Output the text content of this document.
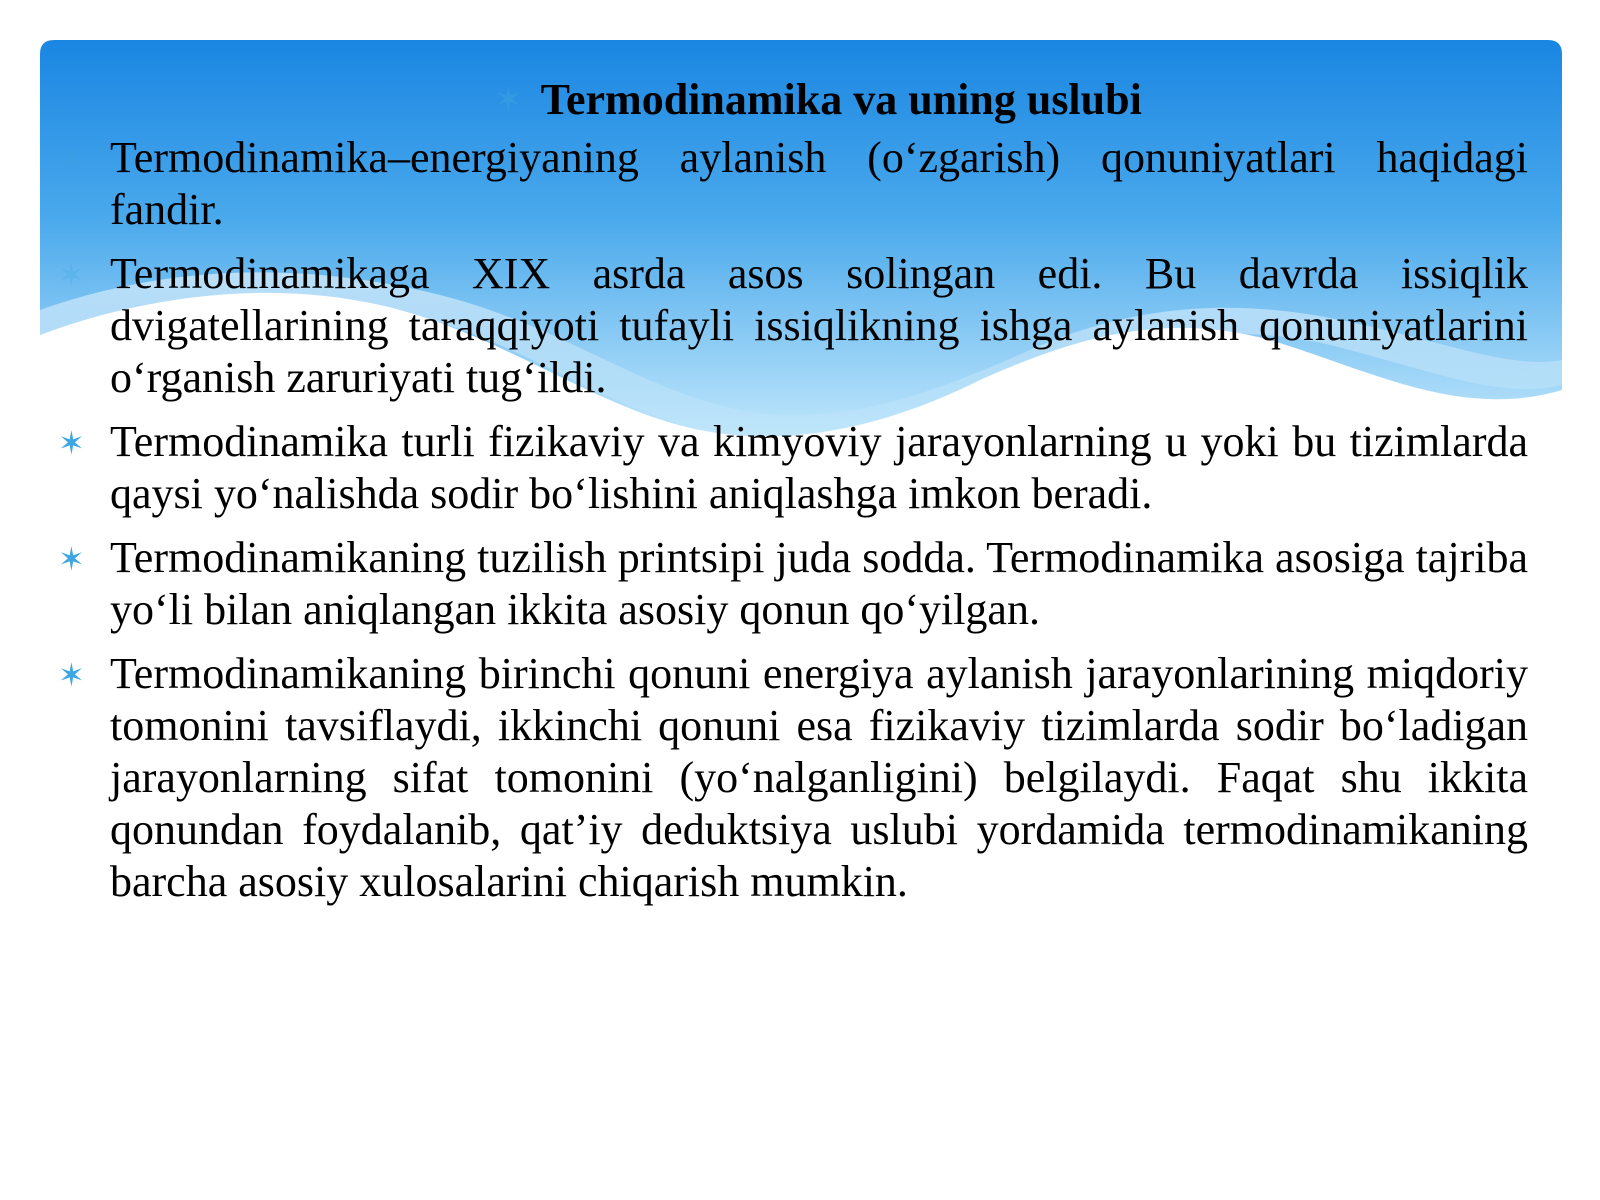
✶ Termodinamika va uning uslubi
✶ Termodinamika–energiyaning aylanish (o‘zgarish) qonuniyatlari haqidagi fandir.
✶ Termodinamikaga XIX asrda asos solingan edi. Bu davrda issiqlik dvigatellarining taraqqiyoti tufayli issiqlikning ishga aylanish qonuniyatlarini o‘rganish zaruriyati tug‘ildi.
✶ Termodinamika turli fizikaviy va kimyoviy jarayonlarning u yoki bu tizimlarda qaysi yo‘nalishda sodir bo‘lishini aniqlashga imkon beradi.
✶ Termodinamikaning tuzilish printsipi juda sodda. Termodinamika asosiga tajriba yo‘li bilan aniqlangan ikkita asosiy qonun qo‘yilgan.
✶ Termodinamikaning birinchi qonuni energiya aylanish jarayonlarining miqdoriy tomonini tavsiflaydi, ikkinchi qonuni esa fizikaviy tizimlarda sodir bo‘ladigan jarayonlarning sifat tomonini (yo‘nalganligini) belgilaydi. Faqat shu ikkita qonundan foydalanib, qat’iy deduktsiya uslubi yordamida termodinamikaning barcha asosiy xulosalarini chiqarish mumkin.
